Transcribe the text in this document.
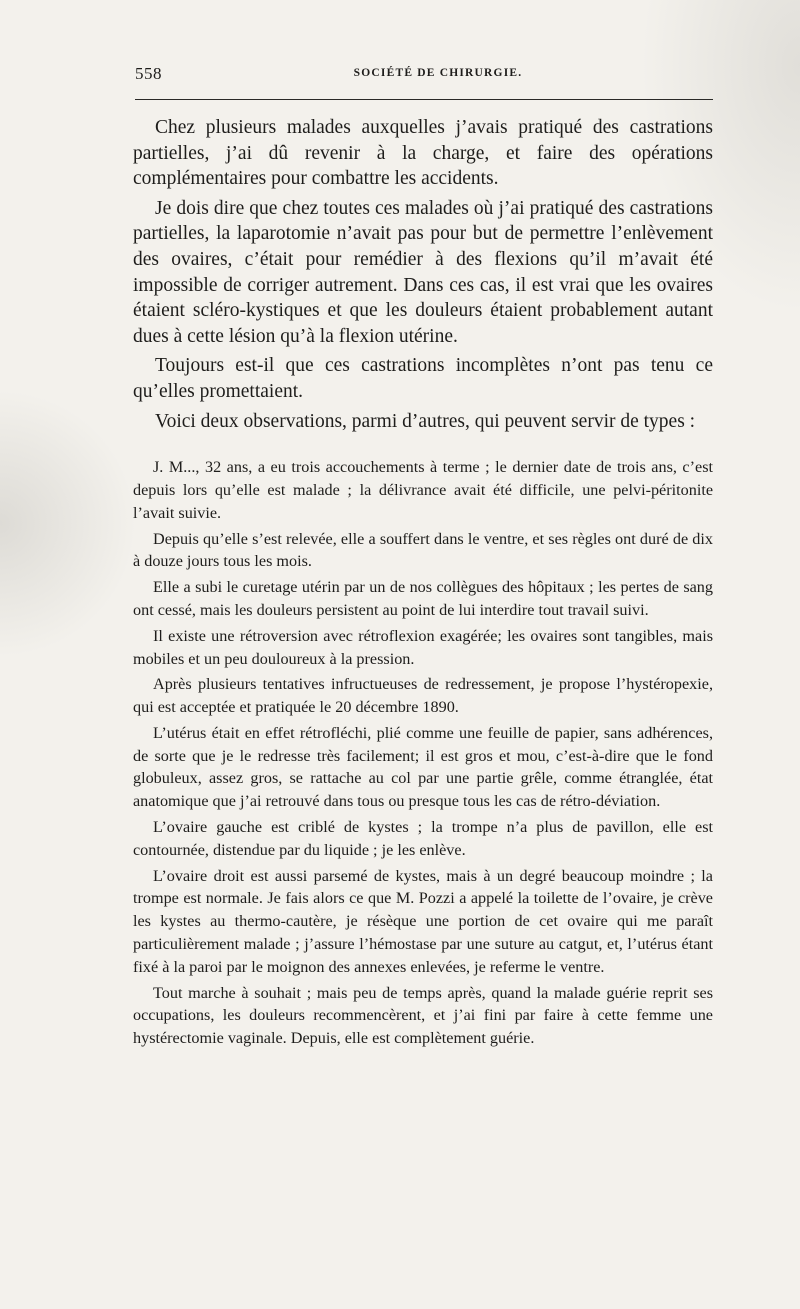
558	SOCIÉTÉ DE CHIRURGIE.

Chez plusieurs malades auxquelles j’avais pratiqué des castrations partielles, j’ai dû revenir à la charge, et faire des opérations complémentaires pour combattre les accidents.

Je dois dire que chez toutes ces malades où j’ai pratiqué des castrations partielles, la laparotomie n’avait pas pour but de permettre l’enlèvement des ovaires, c’était pour remédier à des flexions qu’il m’avait été impossible de corriger autrement. Dans ces cas, il est vrai que les ovaires étaient scléro-kystiques et que les douleurs étaient probablement autant dues à cette lésion qu’à la flexion utérine.

Toujours est-il que ces castrations incomplètes n’ont pas tenu ce qu’elles promettaient.

Voici deux observations, parmi d’autres, qui peuvent servir de types :

J. M..., 32 ans, a eu trois accouchements à terme ; le dernier date de trois ans, c’est depuis lors qu’elle est malade ; la délivrance avait été difficile, une pelvi-péritonite l’avait suivie.

Depuis qu’elle s’est relevée, elle a souffert dans le ventre, et ses règles ont duré de dix à douze jours tous les mois.

Elle a subi le curetage utérin par un de nos collègues des hôpitaux ; les pertes de sang ont cessé, mais les douleurs persistent au point de lui interdire tout travail suivi.

Il existe une rétroversion avec rétroflexion exagérée; les ovaires sont tangibles, mais mobiles et un peu douloureux à la pression.

Après plusieurs tentatives infructueuses de redressement, je propose l’hystéropexie, qui est acceptée et pratiquée le 20 décembre 1890.

L’utérus était en effet rétrofléchi, plié comme une feuille de papier, sans adhérences, de sorte que je le redresse très facilement; il est gros et mou, c’est-à-dire que le fond globuleux, assez gros, se rattache au col par une partie grêle, comme étranglée, état anatomique que j’ai retrouvé dans tous ou presque tous les cas de rétro-déviation.

L’ovaire gauche est criblé de kystes ; la trompe n’a plus de pavillon, elle est contournée, distendue par du liquide ; je les enlève.

L’ovaire droit est aussi parsemé de kystes, mais à un degré beaucoup moindre ; la trompe est normale. Je fais alors ce que M. Pozzi a appelé la toilette de l’ovaire, je crève les kystes au thermo-cautère, je résèque une portion de cet ovaire qui me paraît particulièrement malade ; j’assure l’hémostase par une suture au catgut, et, l’utérus étant fixé à la paroi par le moignon des annexes enlevées, je referme le ventre.

Tout marche à souhait ; mais peu de temps après, quand la malade guérie reprit ses occupations, les douleurs recommencèrent, et j’ai fini par faire à cette femme une hystérectomie vaginale. Depuis, elle est complètement guérie.
